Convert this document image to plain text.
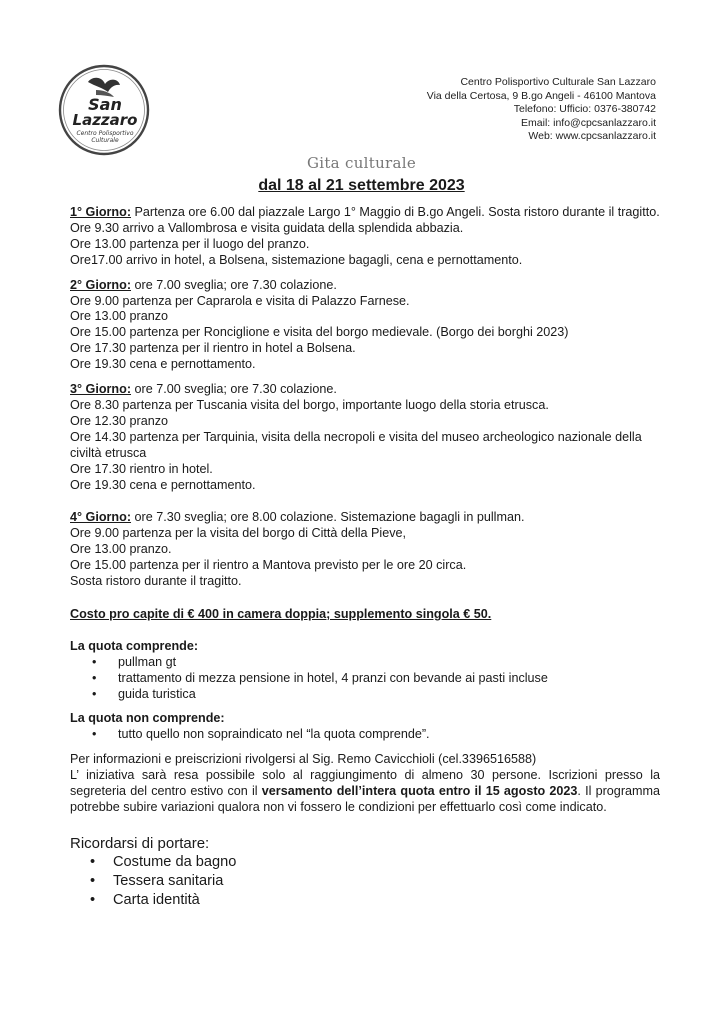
San
Lazzaro
Centro Polisportivo
Culturale
Centro Polisportivo Culturale San Lazzaro
Via della Certosa, 9 B.go Angeli - 46100 Mantova
Telefono: Ufficio: 0376-380742
Email: info@cpcsanlazzaro.it
Web: www.cpcsanlazzaro.it
Gita culturale
dal 18 al 21 settembre 2023
1° Giorno: Partenza ore 6.00 dal piazzale Largo 1° Maggio di B.go Angeli. Sosta ristoro durante il tragitto.
Ore 9.30 arrivo a Vallombrosa e visita guidata della splendida abbazia.
Ore 13.00 partenza per il luogo del pranzo.
Ore17.00 arrivo in hotel, a Bolsena, sistemazione bagagli, cena e pernottamento.
2° Giorno: ore 7.00 sveglia; ore 7.30 colazione.
Ore 9.00 partenza per Caprarola e visita di Palazzo Farnese.
Ore 13.00 pranzo
Ore 15.00 partenza per Ronciglione e visita del borgo medievale. (Borgo dei borghi 2023)
Ore 17.30 partenza per il rientro in hotel a Bolsena.
Ore 19.30 cena e pernottamento.
3° Giorno: ore 7.00 sveglia; ore 7.30 colazione.
Ore 8.30 partenza per Tuscania visita del borgo, importante luogo della storia etrusca.
Ore 12.30 pranzo
Ore 14.30 partenza per Tarquinia, visita della necropoli e visita del museo archeologico nazionale della civiltà etrusca
Ore 17.30 rientro in hotel.
Ore 19.30 cena e pernottamento.
4° Giorno: ore 7.30 sveglia; ore 8.00 colazione. Sistemazione bagagli in pullman.
Ore 9.00 partenza per la visita del borgo di Città della Pieve,
Ore 13.00 pranzo.
Ore 15.00 partenza per il rientro a Mantova previsto per le ore 20 circa.
Sosta ristoro durante il tragitto.

Costo pro capite di € 400 in camera doppia; supplemento singola € 50.

La quota comprende:

• pullman gt
• trattamento di mezza pensione in hotel, 4 pranzi con bevande ai pasti incluse
• guida turistica

La quota non comprende:

• tutto quello non sopraindicato nel “la quota comprende”.
Per informazioni e preiscrizioni rivolgersi al Sig. Remo Cavicchioli (cel.3396516588)
L’ iniziativa sarà resa possibile solo al raggiungimento di almeno 30 persone. Iscrizioni presso la segreteria del centro estivo con il versamento dell’intera quota entro il 15 agosto 2023. Il programma potrebbe subire variazioni qualora non vi fossero le condizioni per effettuarlo così come indicato.

Ricordarsi di portare:

• Costume da bagno
• Tessera sanitaria
• Carta identità
